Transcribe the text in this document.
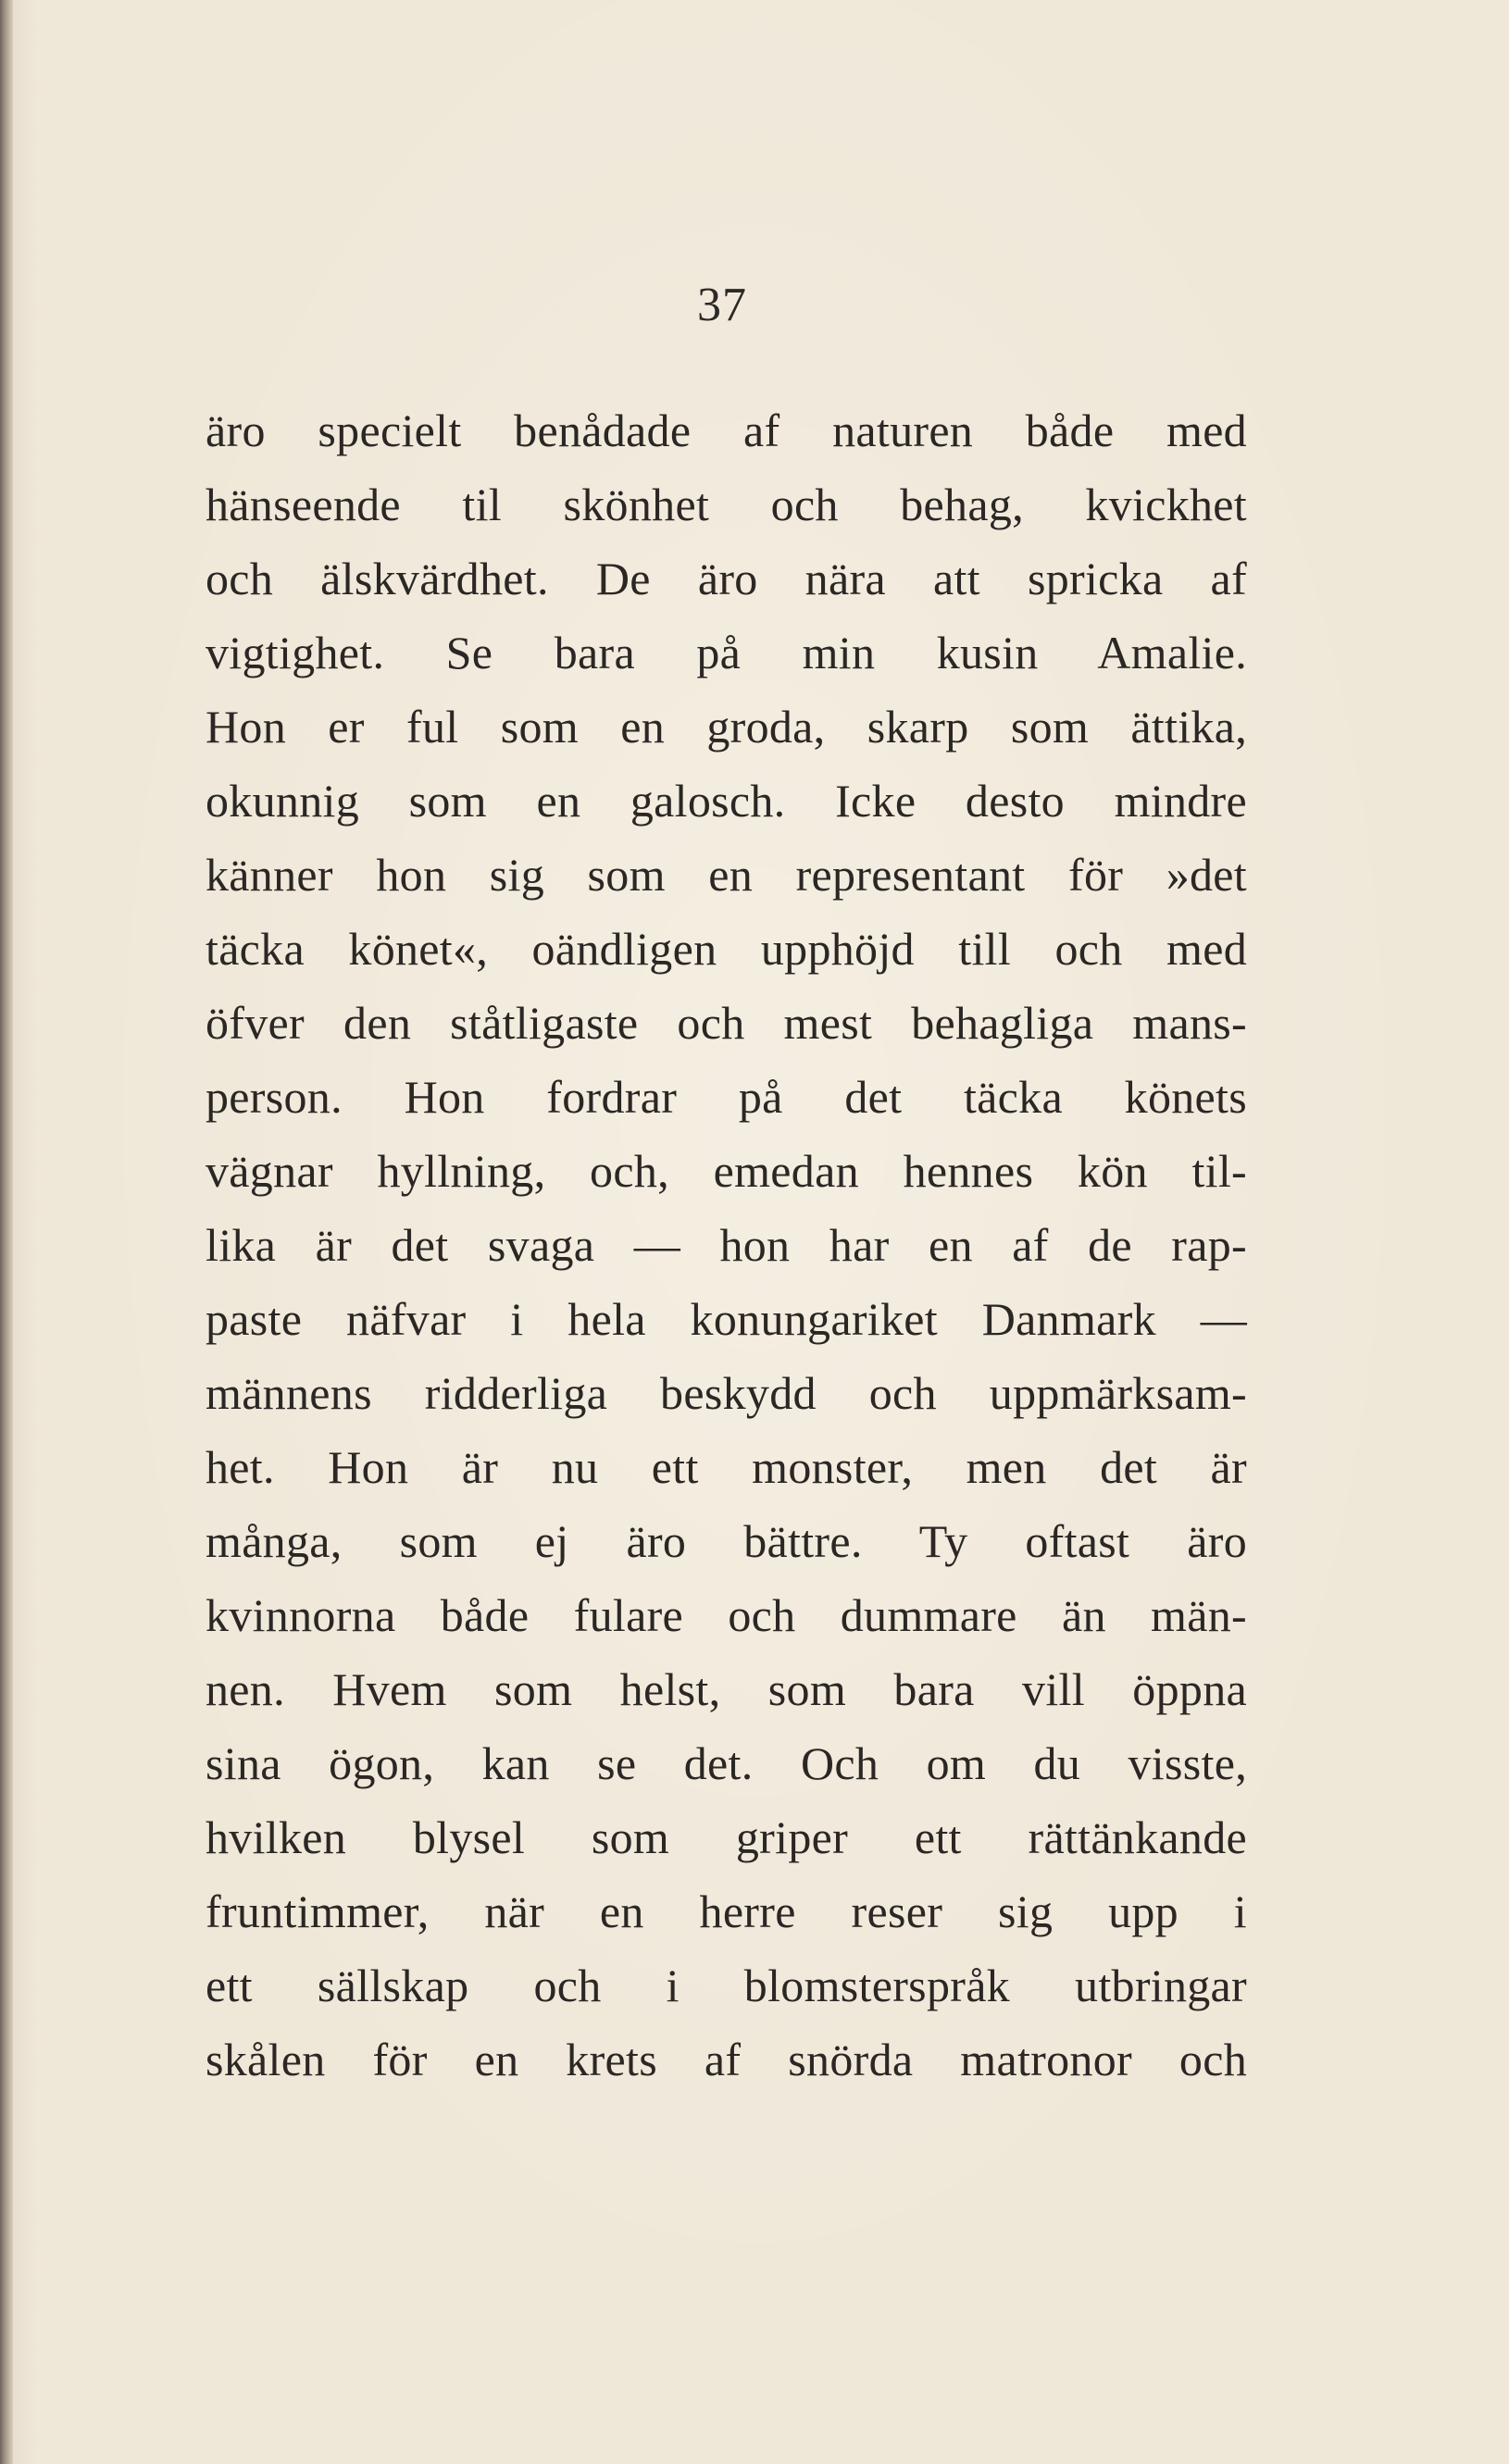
37
äro specielt benådade af naturen både med
hänseende til skönhet och behag, kvickhet
och älskvärdhet. De äro nära att spricka af
vigtighet. Se bara på min kusin Amalie.
Hon er ful som en groda, skarp som ättika,
okunnig som en galosch. Icke desto mindre
känner hon sig som en representant för »det
täcka könet«, oändligen upphöjd till och med
öfver den ståtligaste och mest behagliga mans-
person. Hon fordrar på det täcka könets
vägnar hyllning, och, emedan hennes kön til-
lika är det svaga — hon har en af de rap-
paste näfvar i hela konungariket Danmark —
männens ridderliga beskydd och uppmärksam-
het. Hon är nu ett monster, men det är
många, som ej äro bättre. Ty oftast äro
kvinnorna både fulare och dummare än män-
nen. Hvem som helst, som bara vill öppna
sina ögon, kan se det. Och om du visste,
hvilken blysel som griper ett rättänkande
fruntimmer, när en herre reser sig upp i
ett sällskap och i blomsterspråk utbringar
skålen för en krets af snörda matronor och
